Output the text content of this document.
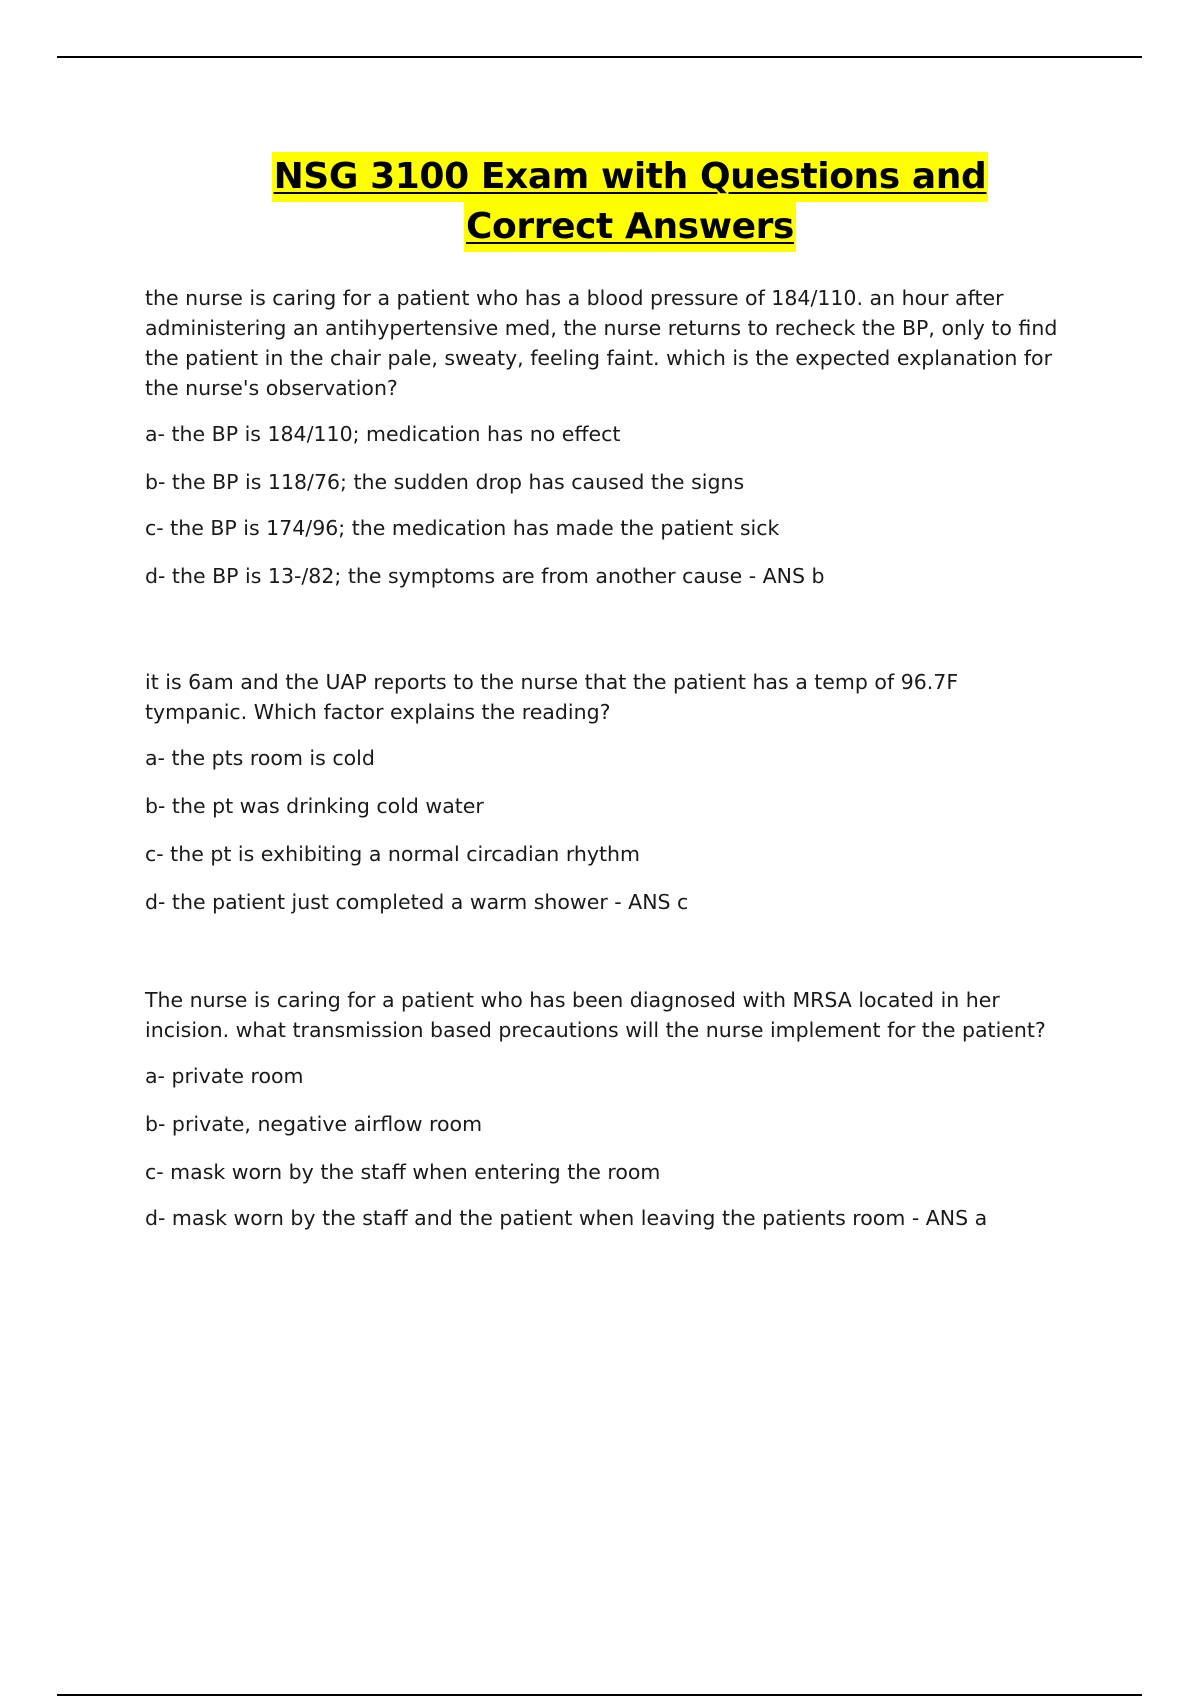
NSG 3100 Exam with Questions and
Correct Answers

the nurse is caring for a patient who has a blood pressure of 184/110. an hour after administering an antihypertensive med, the nurse returns to recheck the BP, only to find the patient in the chair pale, sweaty, feeling faint. which is the expected explanation for the nurse's observation?

a- the BP is 184/110; medication has no effect

b- the BP is 118/76; the sudden drop has caused the signs

c- the BP is 174/96; the medication has made the patient sick

d- the BP is 13-/82; the symptoms are from another cause - ANS b

it is 6am and the UAP reports to the nurse that the patient has a temp of 96.7F tympanic. Which factor explains the reading?

a- the pts room is cold

b- the pt was drinking cold water

c- the pt is exhibiting a normal circadian rhythm

d- the patient just completed a warm shower - ANS c

The nurse is caring for a patient who has been diagnosed with MRSA located in her incision. what transmission based precautions will the nurse implement for the patient?

a- private room

b- private, negative airflow room

c- mask worn by the staff when entering the room

d- mask worn by the staff and the patient when leaving the patients room - ANS a
